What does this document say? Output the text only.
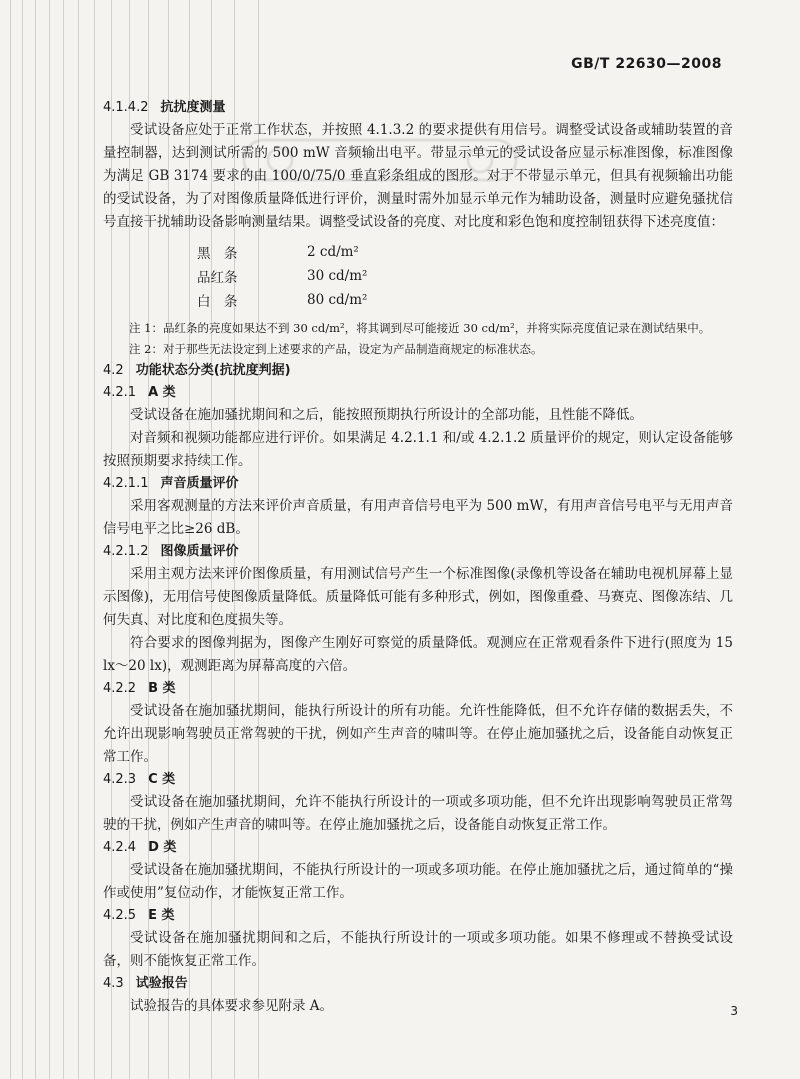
GB/T 22630—2008
4.1.4.2 抗扰度测量

受试设备应处于正常工作状态，并按照 4.1.3.2 的要求提供有用信号。调整受试设备或辅助装置的音量控制器，达到测试所需的 500 mW 音频输出电平。带显示单元的受试设备应显示标准图像，标准图像为满足 GB 3174 要求的由 100/0/75/0 垂直彩条组成的图形。对于不带显示单元，但具有视频输出功能的受试设备，为了对图像质量降低进行评价，测量时需外加显示单元作为辅助设备，测量时应避免骚扰信号直接干扰辅助设备影响测量结果。调整受试设备的亮度、对比度和彩色饱和度控制钮获得下述亮度值：

黑　条	2 cd/m²
品红条	30 cd/m²
白　条	80 cd/m²

注 1：品红条的亮度如果达不到 30 cd/m²，将其调到尽可能接近 30 cd/m²，并将实际亮度值记录在测试结果中。

注 2：对于那些无法设定到上述要求的产品，设定为产品制造商规定的标准状态。

4.2 功能状态分类(抗扰度判据)
4.2.1 A 类

受试设备在施加骚扰期间和之后，能按照预期执行所设计的全部功能，且性能不降低。

对音频和视频功能都应进行评价。如果满足 4.2.1.1 和/或 4.2.1.2 质量评价的规定，则认定设备能够按照预期要求持续工作。

4.2.1.1 声音质量评价

采用客观测量的方法来评价声音质量，有用声音信号电平为 500 mW，有用声音信号电平与无用声音信号电平之比≥26 dB。

4.2.1.2 图像质量评价

采用主观方法来评价图像质量，有用测试信号产生一个标准图像(录像机等设备在辅助电视机屏幕上显示图像)，无用信号使图像质量降低。质量降低可能有多种形式，例如，图像重叠、马赛克、图像冻结、几何失真、对比度和色度损失等。

符合要求的图像判据为，图像产生刚好可察觉的质量降低。观测应在正常观看条件下进行(照度为 15 lx～20 lx)，观测距离为屏幕高度的六倍。

4.2.2 B 类

受试设备在施加骚扰期间，能执行所设计的所有功能。允许性能降低，但不允许存储的数据丢失，不允许出现影响驾驶员正常驾驶的干扰，例如产生声音的啸叫等。在停止施加骚扰之后，设备能自动恢复正常工作。

4.2.3 C 类

受试设备在施加骚扰期间，允许不能执行所设计的一项或多项功能，但不允许出现影响驾驶员正常驾驶的干扰，例如产生声音的啸叫等。在停止施加骚扰之后，设备能自动恢复正常工作。

4.2.4 D 类

受试设备在施加骚扰期间，不能执行所设计的一项或多项功能。在停止施加骚扰之后，通过简单的“操作或使用”复位动作，才能恢复正常工作。

4.2.5 E 类

受试设备在施加骚扰期间和之后，不能执行所设计的一项或多项功能。如果不修理或不替换受试设备，则不能恢复正常工作。

4.3 试验报告

试验报告的具体要求参见附录 A。	3
